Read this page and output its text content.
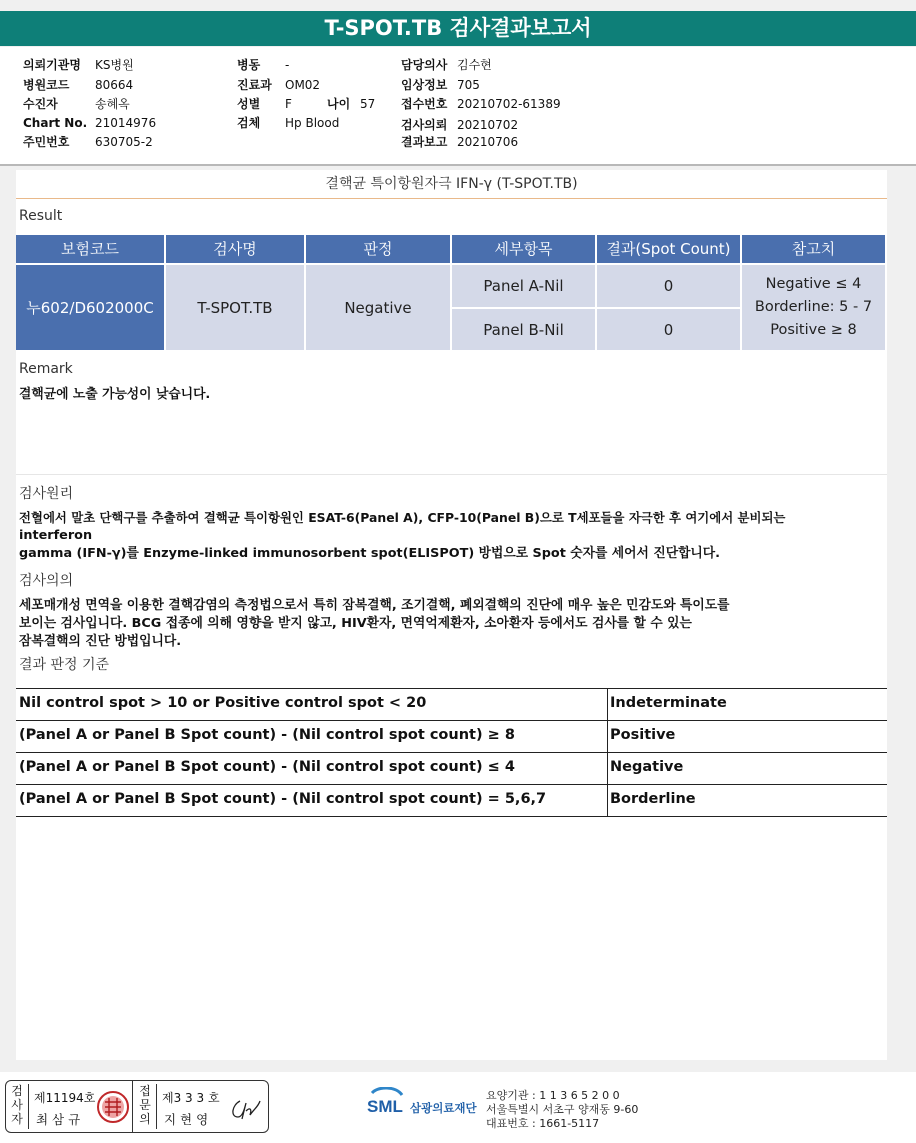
T-SPOT.TB 검사결과보고서
의뢰기관명 KS병원
병원코드 80664
수진자	송혜옥
Chart No. 21014976
주민번호 630705-2
병동 -
진료과 OM02
성별 F	나이 57
검체 Hp Blood
담당의사 김수현
임상정보 705
접수번호 20210702-61389
검사의뢰 20210702
결과보고 20210706
결핵균 특이항원자극 IFN-γ (T-SPOT.TB)
Result
보험코드	검사명	판정	세부항목	결과(Spot Count)	참고치
누602/D602000C	T-SPOT.TB	Negative
Panel A-Nil	0
Panel B-Nil	0
Negative ≤ 4
Borderline: 5 - 7
Positive ≥ 8
Remark
결핵균에 노출 가능성이 낮습니다.
검사원리
전혈에서 말초 단핵구를 추출하여 결핵균 특이항원인 ESAT-6(Panel A), CFP-10(Panel B)으로 T세포들을 자극한 후 여기에서 분비되는
interferon
gamma (IFN-γ)를 Enzyme-linked immunosorbent spot(ELISPOT) 방법으로 Spot 숫자를 세어서 진단합니다.
검사의의
세포매개성 면역을 이용한 결핵감염의 측정법으로서 특히 잠복결핵, 조기결핵, 폐외결핵의 진단에 매우 높은 민감도와 특이도를
보이는 검사입니다. BCG 접종에 의해 영향을 받지 않고, HIV환자, 면역억제환자, 소아환자 등에서도 검사를 할 수 있는
잠복결핵의 진단 방법입니다.
결과 판정 기준
Nil control spot > 10 or Positive control spot < 20	Indeterminate
(Panel A or Panel B Spot count) - (Nil control spot count) ≥ 8	Positive
(Panel A or Panel B Spot count) - (Nil control spot count) ≤ 4	Negative
(Panel A or Panel B Spot count) - (Nil control spot count) = 5,6,7	Borderline
검
사
자
제11194호
최 삼 규
접
문
의
제3 3 3 호
지 현 영
SML 삼광의료재단
요양기관 : 1 1 3 6 5 2 0 0
서울특별시 서초구 양재동 9-60
대표번호 : 1661-5117
